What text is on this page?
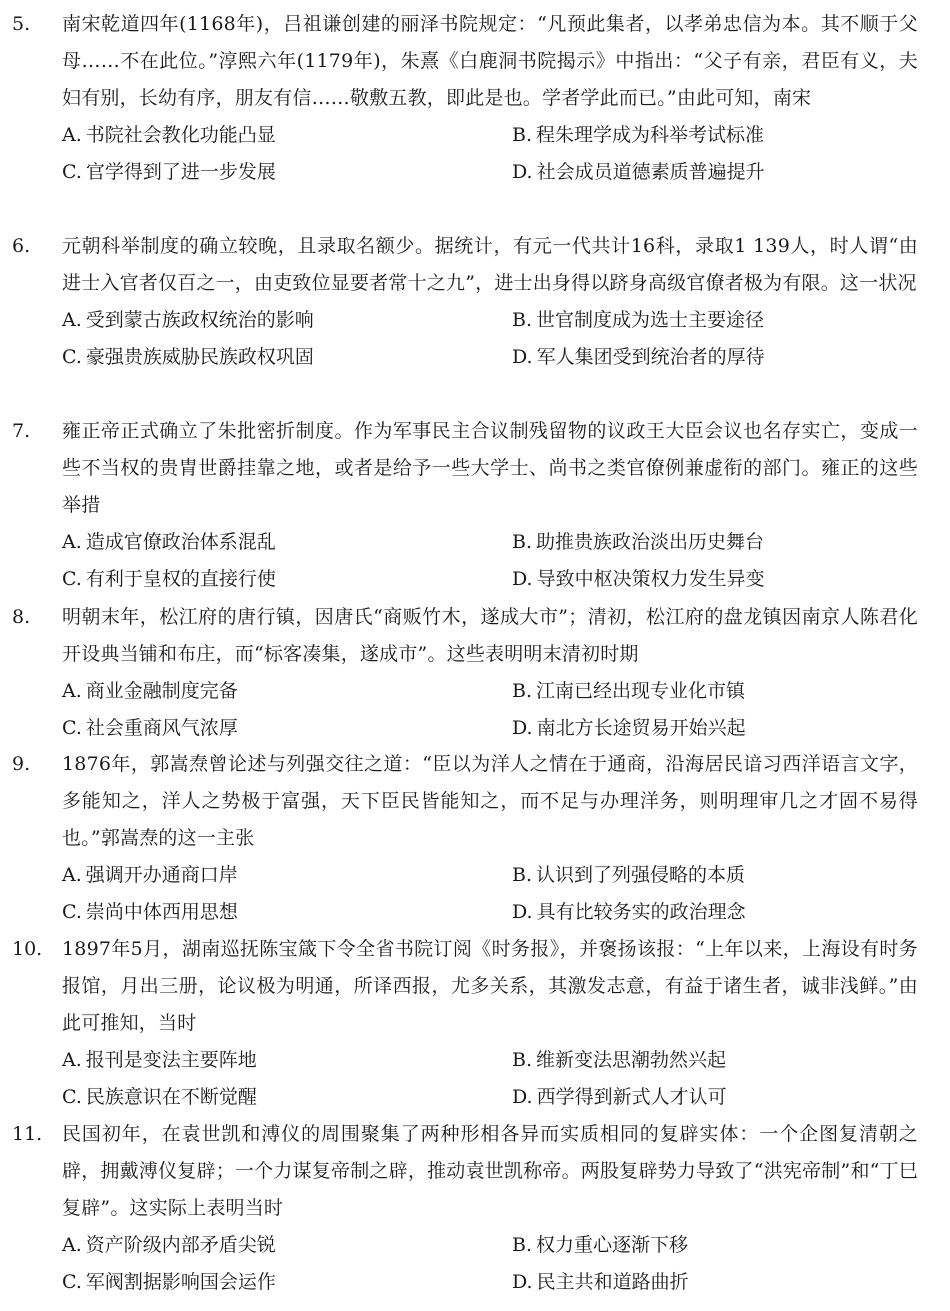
5.	南宋乾道四年(1168年)，吕祖谦创建的丽泽书院规定：“凡预此集者，以孝弟忠信为本。其不顺于父母……不在此位。”淳熙六年(1179年)，朱熹《白鹿洞书院揭示》中指出：“父子有亲，君臣有义，夫妇有别，长幼有序，朋友有信……敬敷五教，即此是也。学者学此而已。”由此可知，南宋
A. 书院社会教化功能凸显	B. 程朱理学成为科举考试标准
C. 官学得到了进一步发展	D. 社会成员道德素质普遍提升
6.	元朝科举制度的确立较晚，且录取名额少。据统计，有元一代共计16科，录取1 139人，时人谓“由进士入官者仅百之一，由吏致位显要者常十之九”，进士出身得以跻身高级官僚者极为有限。这一状况
A. 受到蒙古族政权统治的影响	B. 世官制度成为选士主要途径
C. 豪强贵族威胁民族政权巩固	D. 军人集团受到统治者的厚待
7.	雍正帝正式确立了朱批密折制度。作为军事民主合议制残留物的议政王大臣会议也名存实亡，变成一些不当权的贵胄世爵挂靠之地，或者是给予一些大学士、尚书之类官僚例兼虚衔的部门。雍正的这些举措
A. 造成官僚政治体系混乱	B. 助推贵族政治淡出历史舞台
C. 有利于皇权的直接行使	D. 导致中枢决策权力发生异变
8.	明朝末年，松江府的唐行镇，因唐氏“商贩竹木，遂成大市”；清初，松江府的盘龙镇因南京人陈君化开设典当铺和布庄，而“标客凑集，遂成市”。这些表明明末清初时期
A. 商业金融制度完备	B. 江南已经出现专业化市镇
C. 社会重商风气浓厚	D. 南北方长途贸易开始兴起
9.	1876年，郭嵩焘曾论述与列强交往之道：“臣以为洋人之情在于通商，沿海居民谙习西洋语言文字，多能知之，洋人之势极于富强，天下臣民皆能知之，而不足与办理洋务，则明理审几之才固不易得也。”郭嵩焘的这一主张
A. 强调开办通商口岸	B. 认识到了列强侵略的本质
C. 崇尚中体西用思想	D. 具有比较务实的政治理念
10.	1897年5月，湖南巡抚陈宝箴下令全省书院订阅《时务报》，并褒扬该报：“上年以来，上海设有时务报馆，月出三册，论议极为明通，所译西报，尤多关系，其激发志意，有益于诸生者，诚非浅鲜。”由此可推知，当时
A. 报刊是变法主要阵地	B. 维新变法思潮勃然兴起
C. 民族意识在不断觉醒	D. 西学得到新式人才认可
11.	民国初年，在袁世凯和溥仪的周围聚集了两种形相各异而实质相同的复辟实体：一个企图复清朝之辟，拥戴溥仪复辟；一个力谋复帝制之辟，推动袁世凯称帝。两股复辟势力导致了“洪宪帝制”和“丁巳复辟”。这实际上表明当时
A. 资产阶级内部矛盾尖锐	B. 权力重心逐渐下移
C. 军阀割据影响国会运作	D. 民主共和道路曲折
